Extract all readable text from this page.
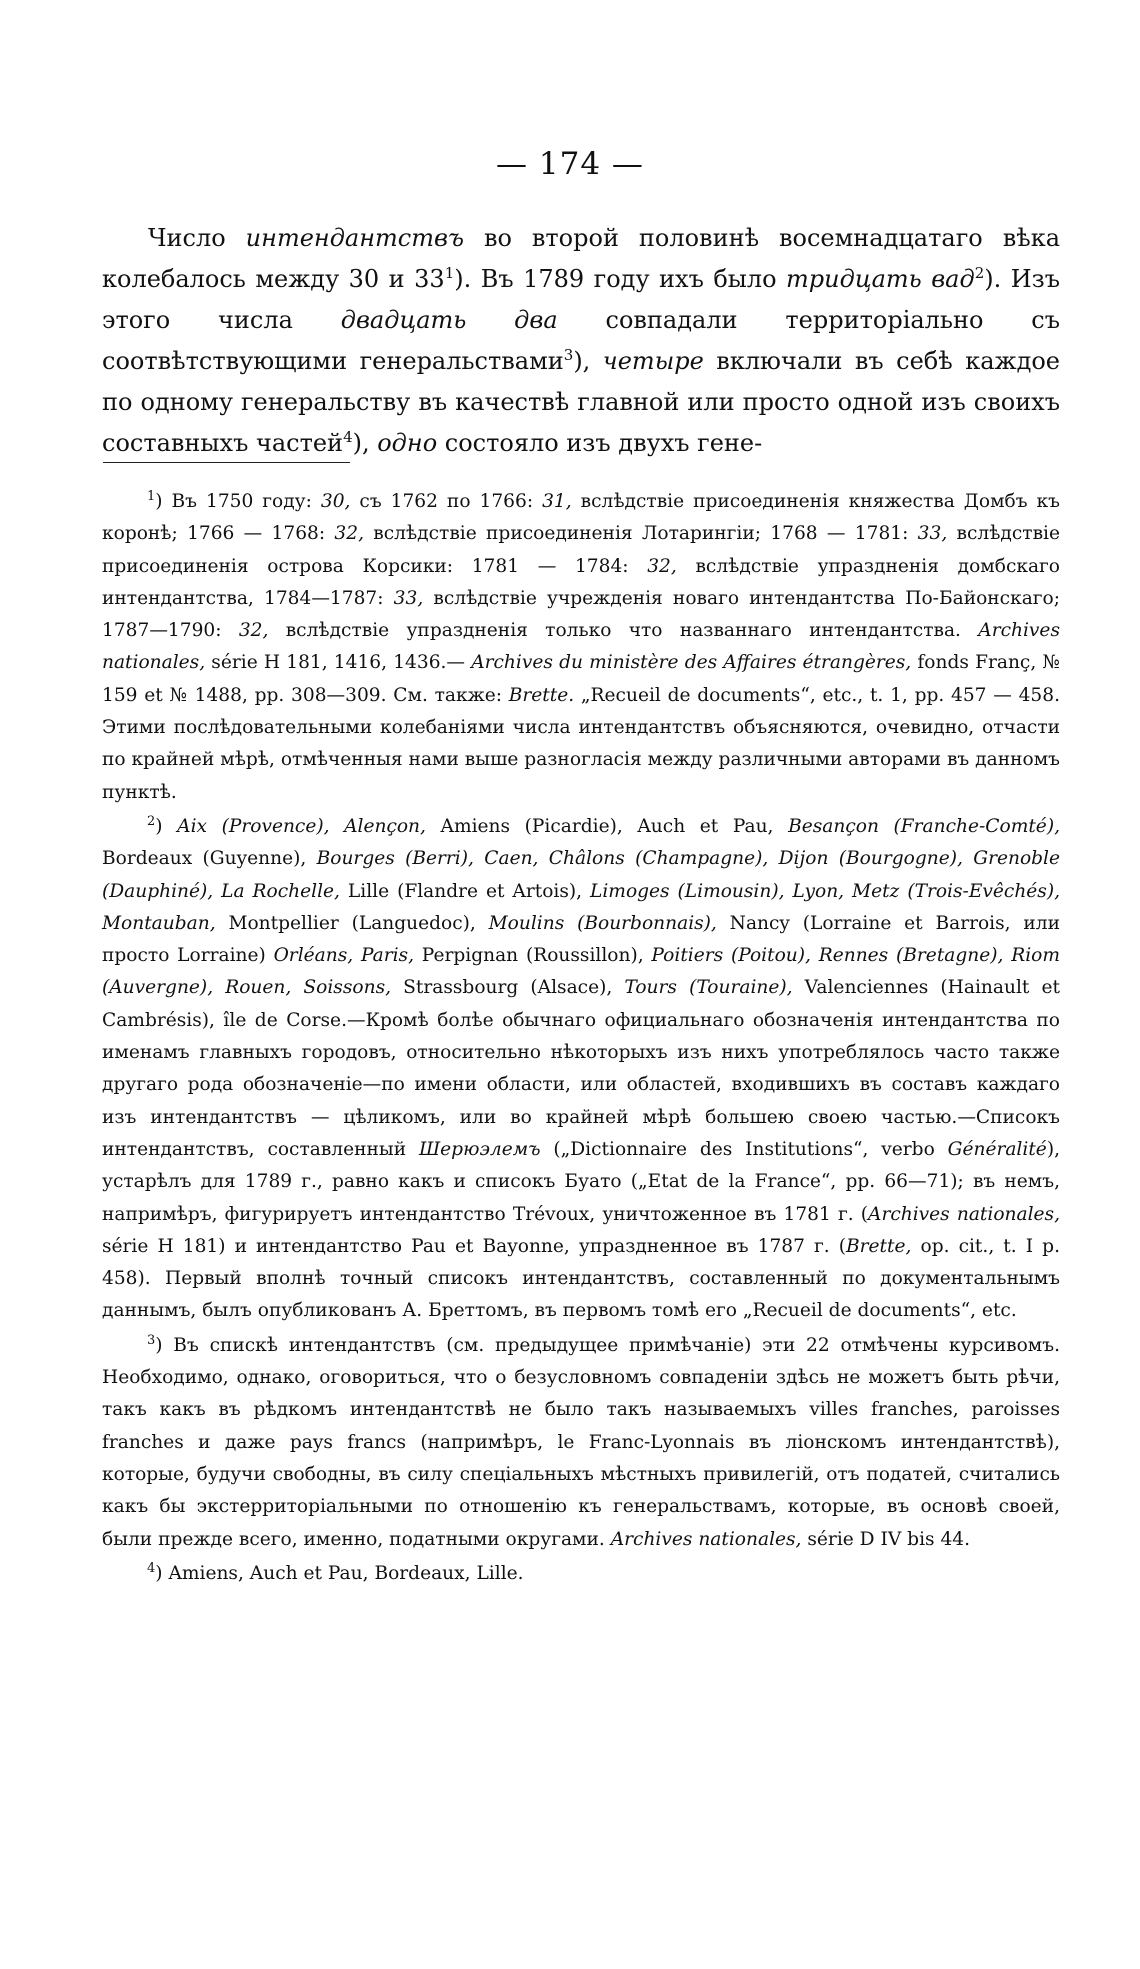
— 174 —

Число интендантствъ во второй половинѣ восемнадцатаго вѣка колебалось между 30 и $33^1$). Въ 1789 году ихъ было тридцать вад$^2$). Изъ этого числа двадцать два совпадали территоріально съ соотвѣтствующими генеральствами$^3$), четыре включали въ себѣ каждое по одному генеральству въ качествѣ главной или просто одной изъ своихъ составныхъ частей$^4$), одно состояло изъ двухъ гене-

$^1$) Въ 1750 году: 30, съ 1762 по 1766: 31, вслѣдствіе присоединенія княжества Домбъ къ коронѣ; 1766 — 1768: 32, вслѣдствіе присоединенія Лотарингіи; 1768 — 1781: 33, вслѣдствіе присоединенія острова Корсики: 1781 — 1784: 32, вслѣдствіе упраздненія домбскаго интендантства, 1784—1787: 33, вслѣдствіе учрежденія новаго интендантства По-Байонскаго; 1787—1790: 32, вслѣдствіе упраздненія только что названнаго интендантства. Archives nationales, série H 181, 1416, 1436.— Archives du ministère des Affaires étrangères, fonds Franç, № 159 et № 1488, pp. 308—309. См. также: Brette. „Recueil de documents“, etc., t. 1, pp. 457 — 458. Этими послѣдовательными колебаніями числа интендантствъ объясняются, очевидно, отчасти по крайней мѣрѣ, отмѣченныя нами выше разногласія между различными авторами въ данномъ пунктѣ.

$^2$) Aix (Provence), Alençon, Amiens (Picardie), Auch et Pau, Besançon (Franche-Comté), Bordeaux (Guyenne), Bourges (Berri), Caen, Châlons (Champagne), Dijon (Bourgogne), Grenoble (Dauphiné), La Rochelle, Lille (Flandre et Artois), Limoges (Limousin), Lyon, Metz (Trois-Evêchés), Montauban, Montpellier (Languedoc), Moulins (Bourbonnais), Nancy (Lorraine et Barrois, или просто Lorraine) Orléans, Paris, Perpignan (Roussillon), Poitiers (Poitou), Rennes (Bretagne), Riom (Auvergne), Rouen, Soissons, Strassbourg (Alsace), Tours (Touraine), Valenciennes (Hainault et Cambrésis), île de Corse.—Кромѣ болѣе обычнаго официальнаго обозначенія интендантства по именамъ главныхъ городовъ, относительно нѣкоторыхъ изъ нихъ употреблялось часто также другаго рода обозначеніе—по имени области, или областей, входившихъ въ составъ каждаго изъ интендантствъ — цѣликомъ, или во крайней мѣрѣ большею своею частью.—Списокъ интендантствъ, составленный Шерюэлемъ („Dictionnaire des Institutions“, verbo Généralité), устарѣлъ для 1789 г., равно какъ и списокъ Буато („Etat de la France“, pp. 66—71); въ немъ, напримѣръ, фигурируетъ интендантство Trévoux, уничтоженное въ 1781 г. (Archives nationales, série H 181) и интендантство Pau et Bayonne, упраздненное въ 1787 г. (Brette, op. cit., t. I p. 458). Первый вполнѣ точный списокъ интендантствъ, составленный по документальнымъ даннымъ, былъ опубликованъ А. Бреттомъ, въ первомъ томѣ его „Recueil de documents“, etc.

$^3$) Въ спискѣ интендантствъ (см. предыдущее примѣчаніе) эти 22 отмѣчены курсивомъ. Необходимо, однако, оговориться, что о безусловномъ совпаденіи здѣсь не можетъ быть рѣчи, такъ какъ въ рѣдкомъ интендантствѣ не было такъ называемыхъ villes franches, paroisses franches и даже pays francs (напримѣръ, le Franc-Lyonnais въ ліонскомъ интендантствѣ), которые, будучи свободны, въ силу спеціальныхъ мѣстныхъ привилегій, отъ податей, считались какъ бы экстерриторіальными по отношенію къ генеральствамъ, которые, въ основѣ своей, были прежде всего, именно, податными округами. Archives nationales, série D IV bis 44.

$^4$) Amiens, Auch et Pau, Bordeaux, Lille.
